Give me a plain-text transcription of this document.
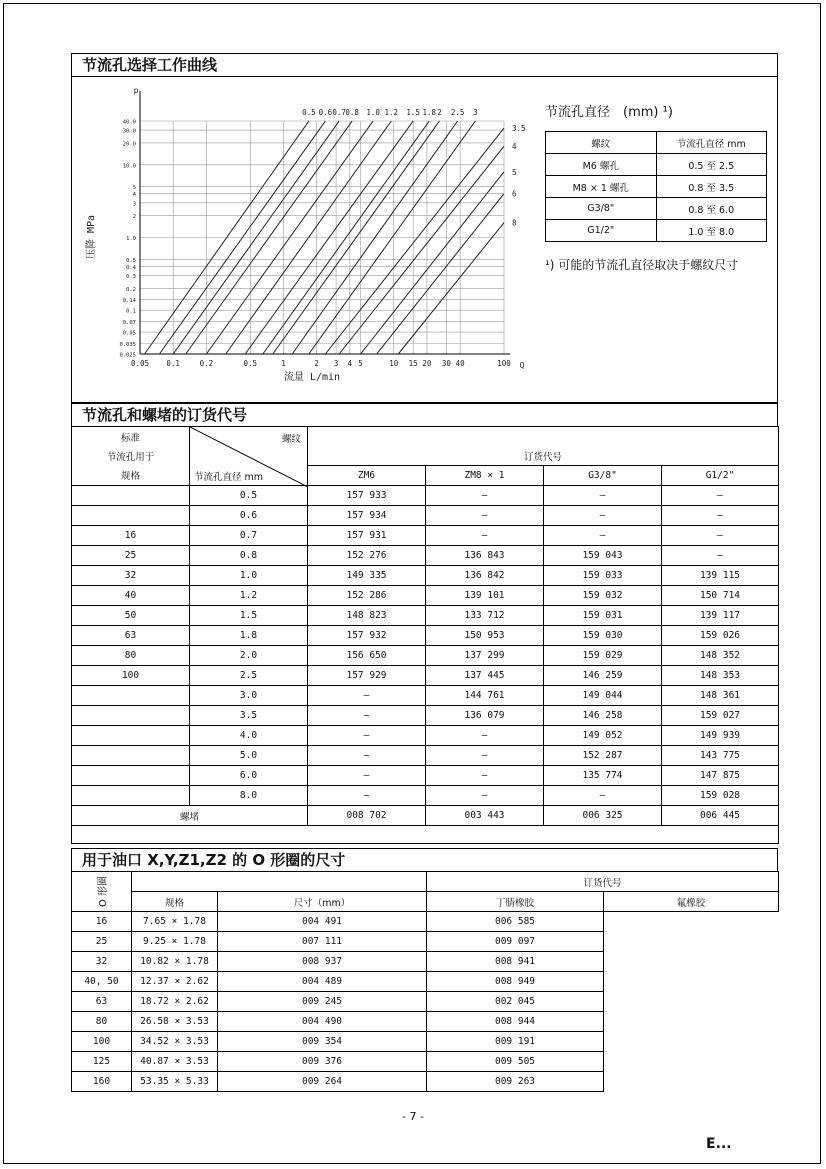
节流孔选择工作曲线
0.05 0.1	0.2	0.5	1	2 3 4 5	10 15 20 30 40	100
40.0
30.0
20.0
10.0
5
4
3
2
1.0
0.5
0.4
0.3
0.2
0.14
0.1
0.07
0.05
0.035
0.025
p
Q
流量 L/min
压降 MPa
0.5 0.6 0.7 0.8 1.0 1.2 1.5 1.8 2 2.5 3
3.5
4
5
6
8
节流孔直径　(mm) ¹)
螺纹	节流孔直径 mm
M6 螺孔	0.5 至 2.5
M8 × 1 螺孔	0.8 至 3.5
G3/8"	0.8 至 6.0
G1/2"	1.0 至 8.0
¹) 可能的节流孔直径取决于螺纹尺寸
节流孔和螺堵的订货代号
标准	螺纹
节流孔直径 mm				

节流孔用于		订货代号			
规格		ZM6	ZM8 × 1	G3/8"	G1/2"
	0.5	157 933	–	–	–
	0.6	157 934	–	–	–
16	0.7	157 931	–	–	–
25	0.8	152 276	136 843	159 043	–
32	1.0	149 335	136 842	159 033	139 115
40	1.2	152 286	139 101	159 032	150 714
50	1.5	148 823	133 712	159 031	139 117
63	1.8	157 932	150 953	159 030	159 026
80	2.0	156 650	137 299	159 029	148 352
100	2.5	157 929	137 445	146 259	148 353
	3.0	–	144 761	149 044	148 361
	3.5	–	136 079	146 258	159 027
	4.0	–	–	149 052	149 939
	5.0	–	–	152 287	143 775
	6.0	–	–	135 774	147 875
	8.0	–	–	–	159 028
螺堵		008 702	003 443	006 325	006 445

用于油口 X,Y,Z1,Z2 的 O 形圈的尺寸
O 形圈			订货代号	
	规格	尺寸（mm）	丁腈橡胶	氟橡胶
16	7.65 × 1.78	004 491	006 585	
25	9.25 × 1.78	007 111	009 097	
32	10.82 × 1.78	008 937	008 941	
40, 50	12.37 × 2.62	004 489	008 949	
63	18.72 × 2.62	009 245	002 045	
80	26.58 × 3.53	004 490	008 944	
100	34.52 × 3.53	009 354	009 191	
125	40.87 × 3.53	009 376	009 505	
160	53.35 × 5.33	009 264	009 263	
- 7 -
E...
